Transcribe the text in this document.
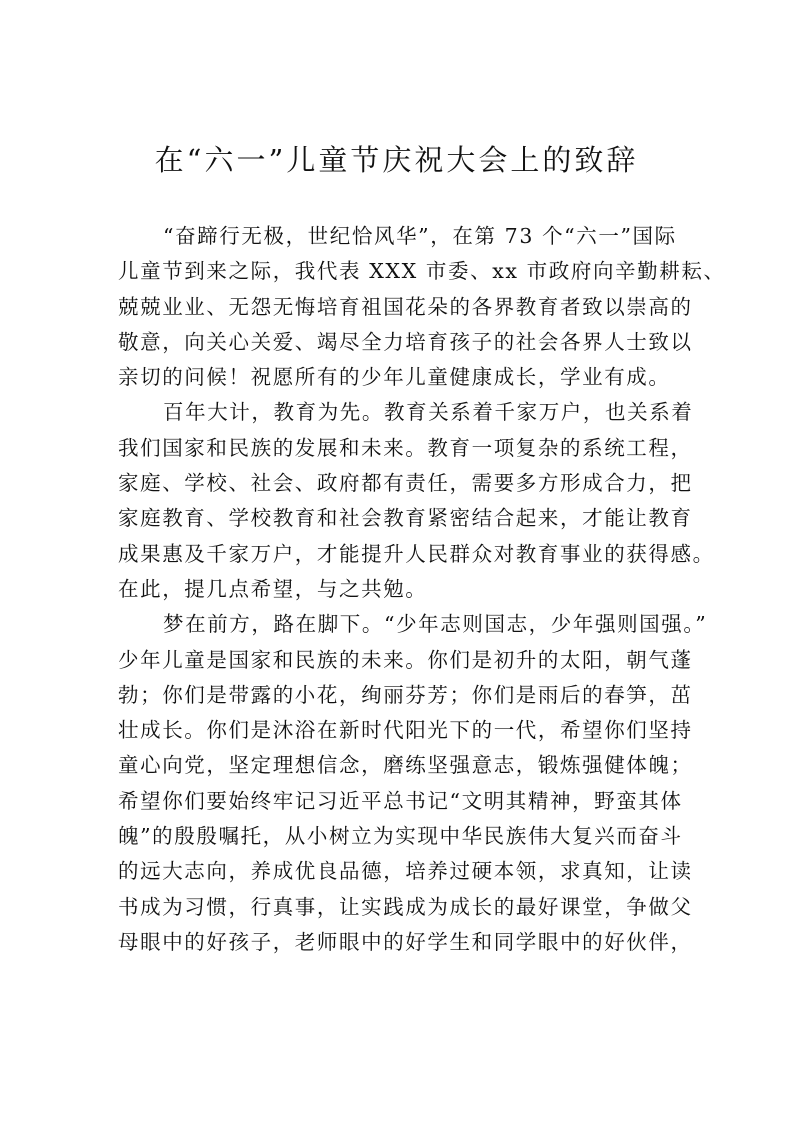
在“六一”儿童节庆祝大会上的致辞
“奋蹄行无极，世纪恰风华”，在第 73 个“六一”国际
儿童节到来之际，我代表 XXX 市委、xx 市政府向辛勤耕耘、
兢兢业业、无怨无悔培育祖国花朵的各界教育者致以崇高的
敬意，向关心关爱、竭尽全力培育孩子的社会各界人士致以
亲切的问候！祝愿所有的少年儿童健康成长，学业有成。
百年大计，教育为先。教育关系着千家万户，也关系着
我们国家和民族的发展和未来。教育一项复杂的系统工程，
家庭、学校、社会、政府都有责任，需要多方形成合力，把
家庭教育、学校教育和社会教育紧密结合起来，才能让教育
成果惠及千家万户，才能提升人民群众对教育事业的获得感。
在此，提几点希望，与之共勉。
梦在前方，路在脚下。“少年志则国志，少年强则国强。”
少年儿童是国家和民族的未来。你们是初升的太阳，朝气蓬
勃；你们是带露的小花，绚丽芬芳；你们是雨后的春笋，茁
壮成长。你们是沐浴在新时代阳光下的一代，希望你们坚持
童心向党，坚定理想信念，磨练坚强意志，锻炼强健体魄；
希望你们要始终牢记习近平总书记“文明其精神，野蛮其体
魄”的殷殷嘱托，从小树立为实现中华民族伟大复兴而奋斗
的远大志向，养成优良品德，培养过硬本领，求真知，让读
书成为习惯，行真事，让实践成为成长的最好课堂，争做父
母眼中的好孩子，老师眼中的好学生和同学眼中的好伙伴，
